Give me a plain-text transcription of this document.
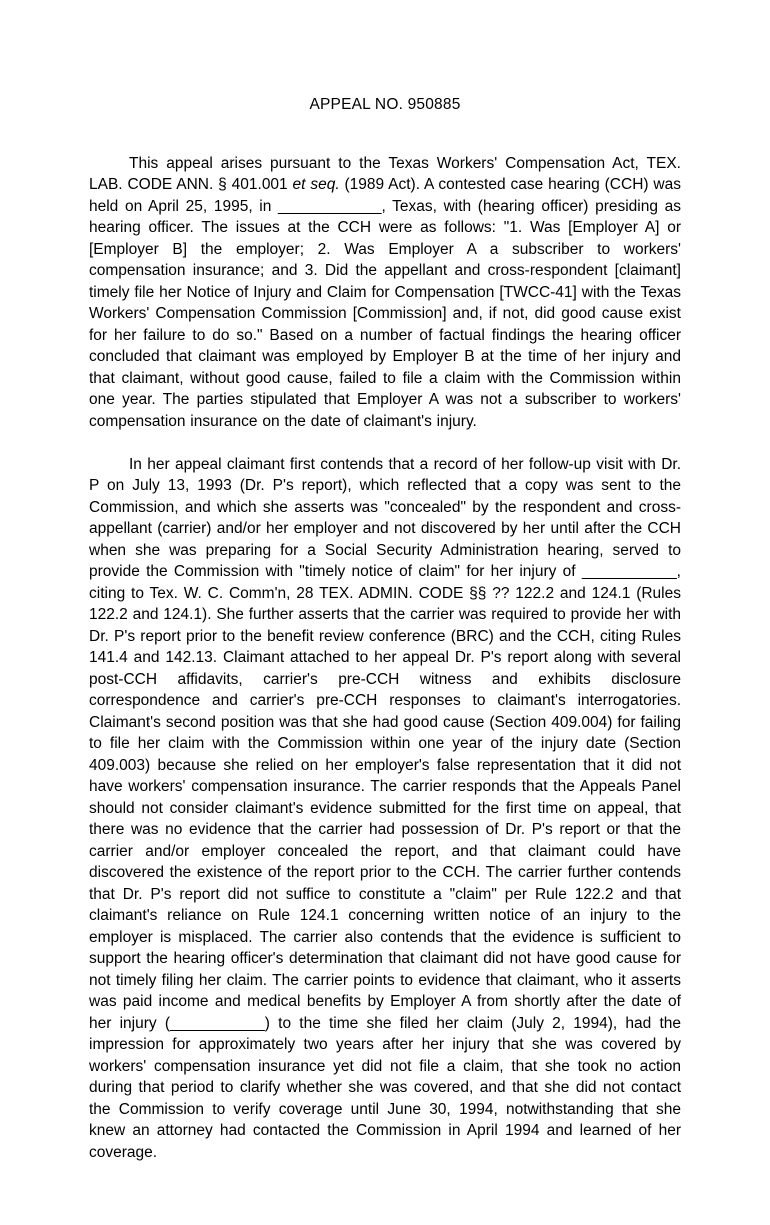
APPEAL NO. 950885

This appeal arises pursuant to the Texas Workers' Compensation Act, TEX. LAB. CODE ANN. § 401.001 et seq. (1989 Act). A contested case hearing (CCH) was held on April 25, 1995, in ____________, Texas, with (hearing officer) presiding as hearing officer. The issues at the CCH were as follows: "1. Was [Employer A] or [Employer B] the employer; 2. Was Employer A a subscriber to workers' compensation insurance; and 3. Did the appellant and cross-respondent [claimant] timely file her Notice of Injury and Claim for Compensation [TWCC-41] with the Texas Workers' Compensation Commission [Commission] and, if not, did good cause exist for her failure to do so." Based on a number of factual findings the hearing officer concluded that claimant was employed by Employer B at the time of her injury and that claimant, without good cause, failed to file a claim with the Commission within one year. The parties stipulated that Employer A was not a subscriber to workers' compensation insurance on the date of claimant's injury.

In her appeal claimant first contends that a record of her follow-up visit with Dr. P on July 13, 1993 (Dr. P's report), which reflected that a copy was sent to the Commission, and which she asserts was "concealed" by the respondent and cross-appellant (carrier) and/or her employer and not discovered by her until after the CCH when she was preparing for a Social Security Administration hearing, served to provide the Commission with "timely notice of claim" for her injury of ___________, citing to Tex. W. C. Comm'n, 28 TEX. ADMIN. CODE §§ ?? 122.2 and 124.1 (Rules 122.2 and 124.1). She further asserts that the carrier was required to provide her with Dr. P's report prior to the benefit review conference (BRC) and the CCH, citing Rules 141.4 and 142.13. Claimant attached to her appeal Dr. P's report along with several post-CCH affidavits, carrier's pre-CCH witness and exhibits disclosure correspondence and carrier's pre-CCH responses to claimant's interrogatories. Claimant's second position was that she had good cause (Section 409.004) for failing to file her claim with the Commission within one year of the injury date (Section 409.003) because she relied on her employer's false representation that it did not have workers' compensation insurance. The carrier responds that the Appeals Panel should not consider claimant's evidence submitted for the first time on appeal, that there was no evidence that the carrier had possession of Dr. P's report or that the carrier and/or employer concealed the report, and that claimant could have discovered the existence of the report prior to the CCH. The carrier further contends that Dr. P's report did not suffice to constitute a "claim" per Rule 122.2 and that claimant's reliance on Rule 124.1 concerning written notice of an injury to the employer is misplaced. The carrier also contends that the evidence is sufficient to support the hearing officer's determination that claimant did not have good cause for not timely filing her claim. The carrier points to evidence that claimant, who it asserts was paid income and medical benefits by Employer A from shortly after the date of her injury (___________) to the time she filed her claim (July 2, 1994), had the impression for approximately two years after her injury that she was covered by workers' compensation insurance yet did not file a claim, that she took no action during that period to clarify whether she was covered, and that she did not contact the Commission to verify coverage until June 30, 1994, notwithstanding that she knew an attorney had contacted the Commission in April 1994 and learned of her coverage.
